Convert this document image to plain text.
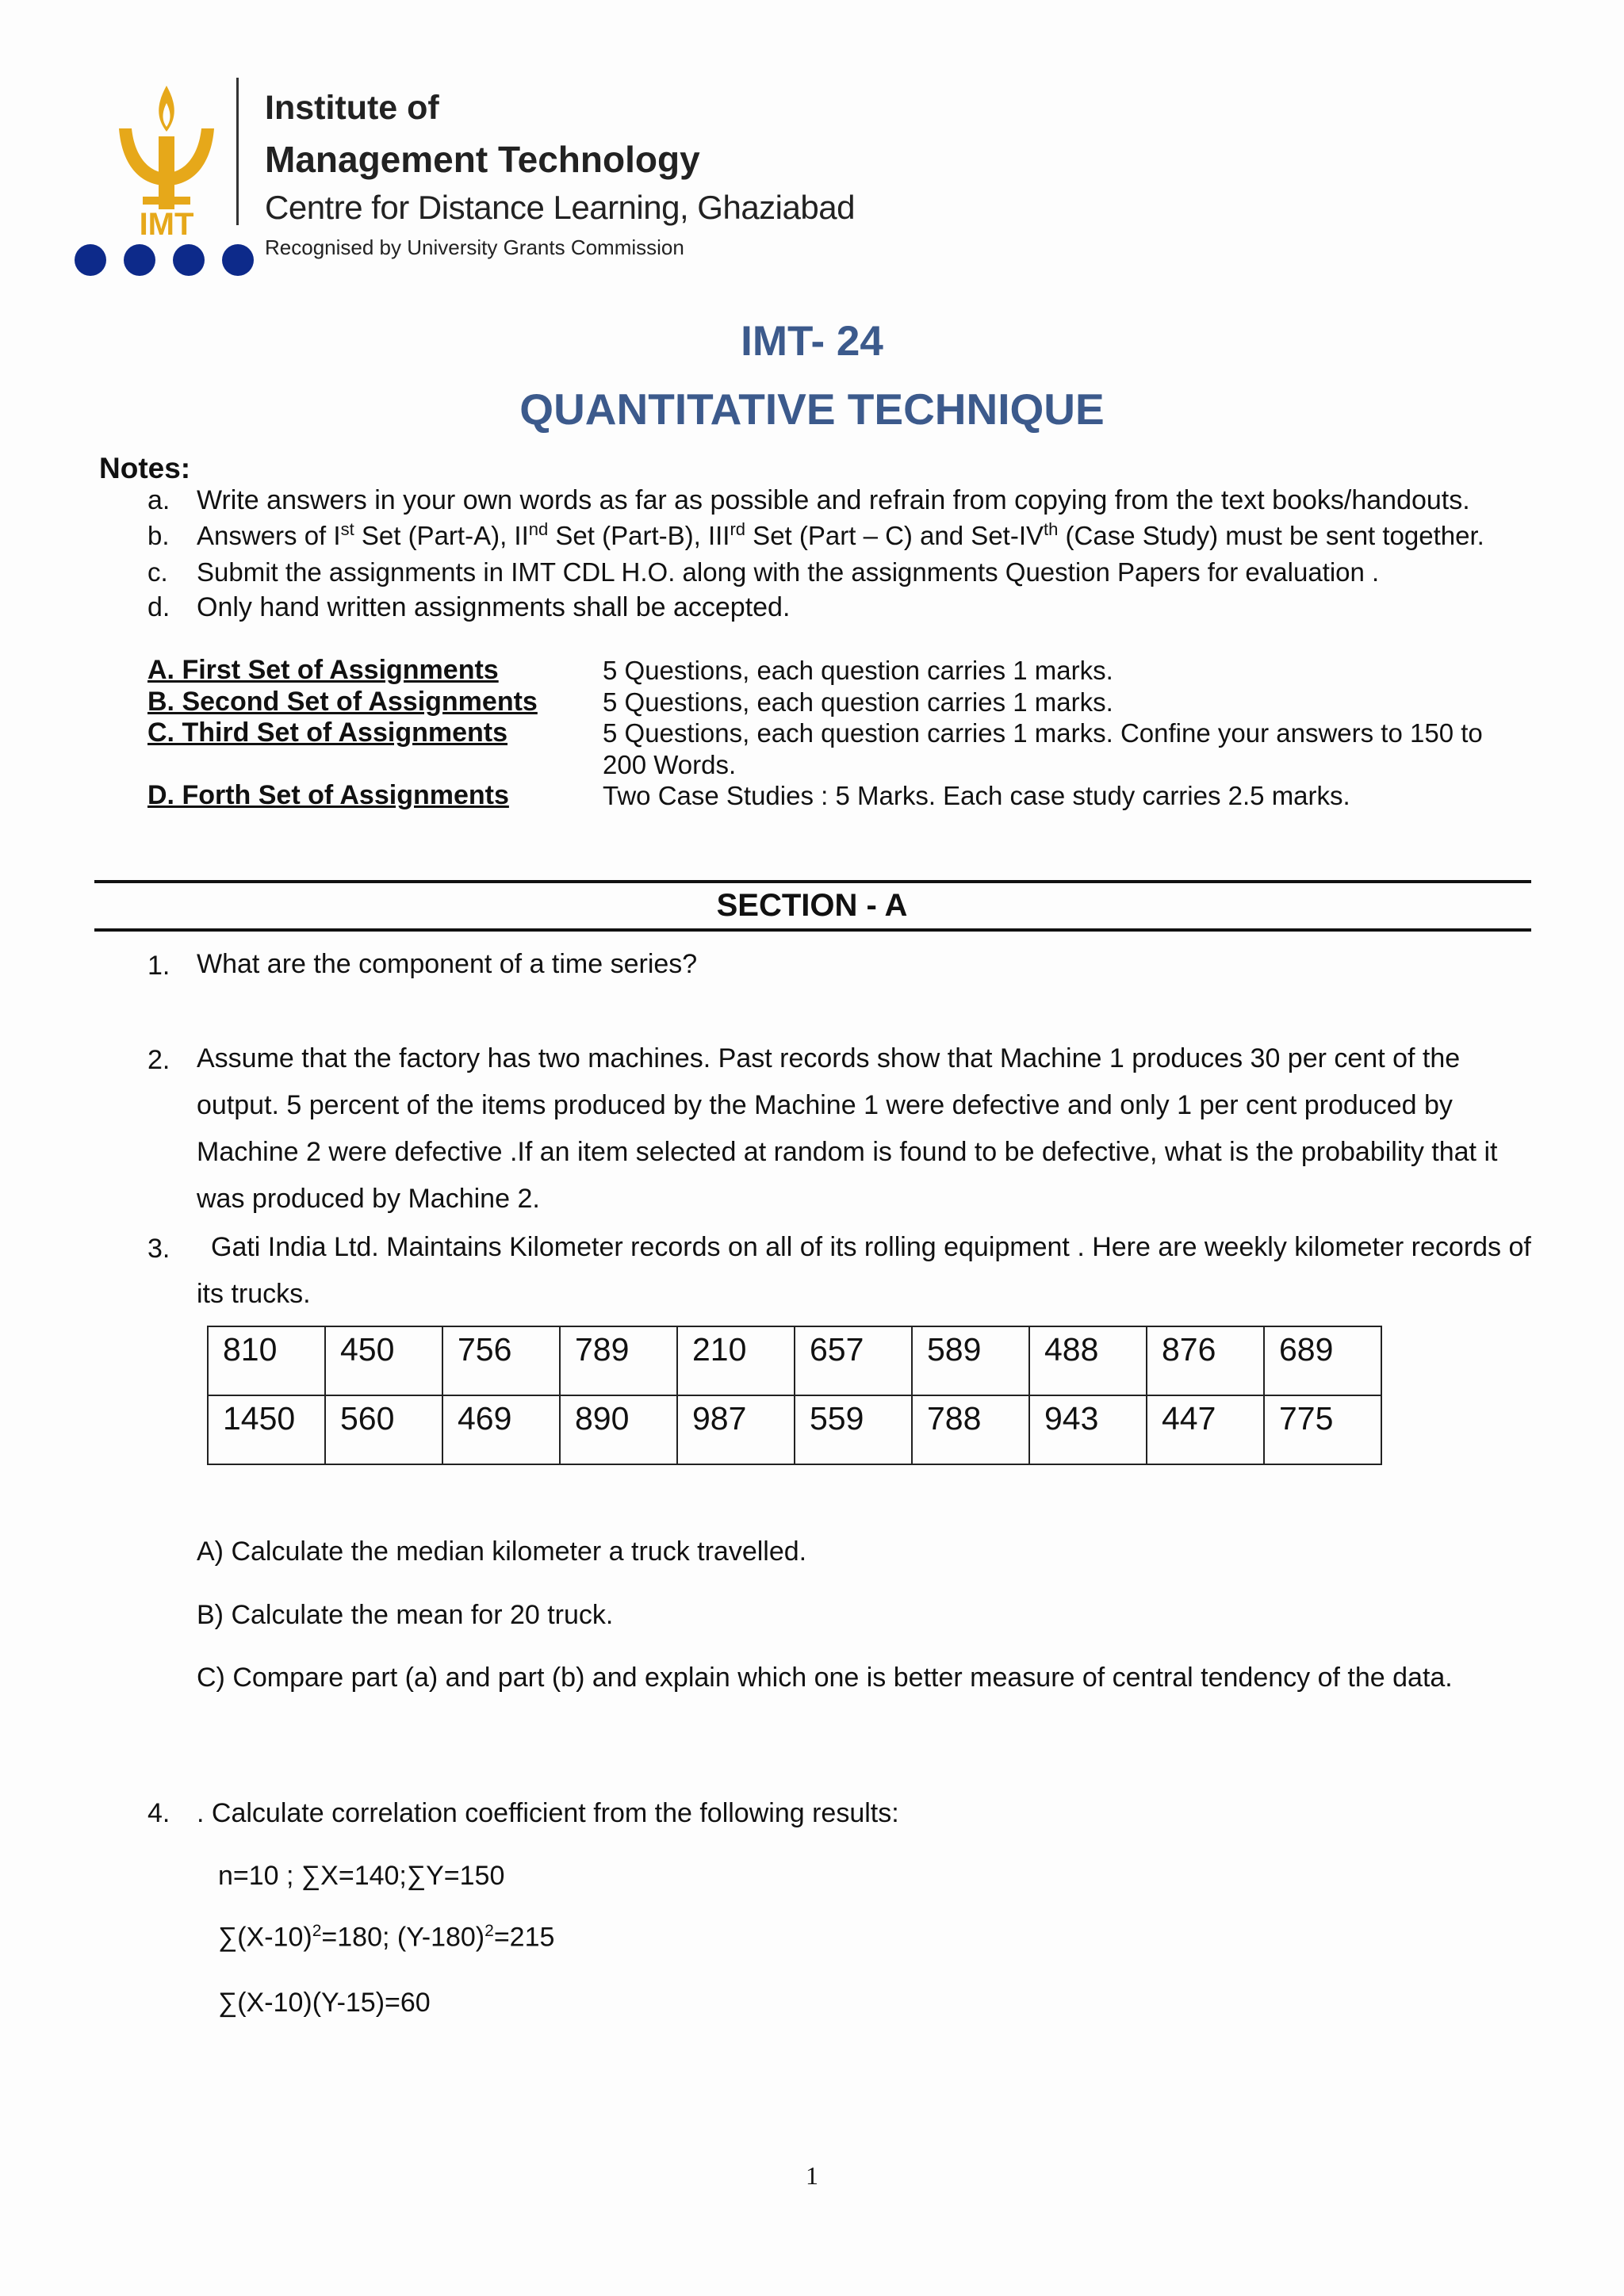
IMT
Institute of
Management Technology
Centre for Distance Learning, Ghaziabad
Recognised by University Grants Commission
IMT- 24
QUANTITATIVE TECHNIQUE
Notes:
a. Write answers in your own words as far as possible and refrain from copying from the text books/handouts.
b. Answers of Ist Set (Part-A), IInd Set (Part-B), IIIrd Set (Part – C) and Set-IVth (Case Study) must be sent together.
c. Submit the assignments in IMT CDL H.O. along with the assignments Question Papers for evaluation .
d. Only hand written assignments shall be accepted.
A. First Set of Assignments	5 Questions, each question carries 1 marks.
B. Second Set of Assignments 5 Questions, each question carries 1 marks.
C. Third Set of Assignments	5 Questions, each question carries 1 marks. Confine your answers to 150 to 200 Words.
D. Forth Set of Assignments	Two Case Studies : 5 Marks. Each case study carries 2.5 marks.
SECTION - A
1. What are the component of a time series?
2. Assume that the factory has two machines. Past records show that Machine 1 produces 30 per cent of the output. 5 percent of the items produced by the Machine 1 were defective and only 1 per cent produced by Machine 2 were defective .If an item selected at random is found to be defective, what is the probability that it was produced by Machine 2.
3.	Gati India Ltd. Maintains Kilometer records on all of its rolling equipment . Here are weekly kilometer records of its trucks.
810	450	756	789	210	657	589	488	876	689
1450	560	469	890	987	559	788	943	447	775
A) Calculate the median kilometer a truck travelled.
B) Calculate the mean for 20 truck.
C) Compare part (a) and part (b) and explain which one is better measure of central tendency of the data.
4. . Calculate correlation coefficient from the following results:
n=10 ; ∑X=140;∑Y=150
$\sum(X-10)^2=180$; $(Y-180)^2=215$
∑(X-10)(Y-15)=60
1
